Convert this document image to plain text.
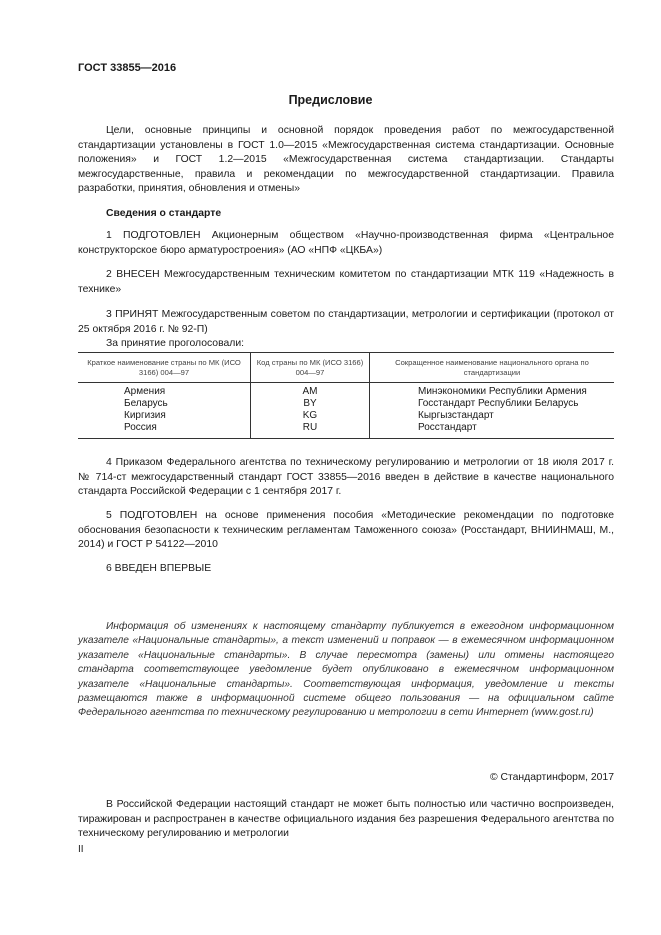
ГОСТ 33855—2016
Предисловие
Цели, основные принципы и основной порядок проведения работ по межгосударственной стандартизации установлены в ГОСТ 1.0—2015 «Межгосударственная система стандартизации. Основные положения» и ГОСТ 1.2—2015 «Межгосударственная система стандартизации. Стандарты межгосударственные, правила и рекомендации по межгосударственной стандартизации. Правила разработки, принятия, обновления и отмены»
Сведения о стандарте
1 ПОДГОТОВЛЕН Акционерным обществом «Научно-производственная фирма «Центральное конструкторское бюро арматуростроения» (АО «НПФ «ЦКБА»)
2 ВНЕСЕН Межгосударственным техническим комитетом по стандартизации МТК 119 «Надежность в технике»
3 ПРИНЯТ Межгосударственным советом по стандартизации, метрологии и сертификации (протокол от 25 октября 2016 г. № 92-П)
За принятие проголосовали:
Краткое наименование страны по МК (ИСО 3166) 004—97	Код страны по МК (ИСО 3166) 004—97	Сокращенное наименование национального органа по стандартизации
Армения	AM	Минэкономики Республики Армения
Беларусь	BY	Госстандарт Республики Беларусь
Киргизия	KG	Кыргызстандарт
Россия	RU	Росстандарт
4 Приказом Федерального агентства по техническому регулированию и метрологии от 18 июля 2017 г. № 714-ст межгосударственный стандарт ГОСТ 33855—2016 введен в действие в качестве национального стандарта Российской Федерации с 1 сентября 2017 г.
5 ПОДГОТОВЛЕН на основе применения пособия «Методические рекомендации по подготовке обоснования безопасности к техническим регламентам Таможенного союза» (Росстандарт, ВНИИНМАШ, М., 2014) и ГОСТ Р 54122—2010
6 ВВЕДЕН ВПЕРВЫЕ
Информация об изменениях к настоящему стандарту публикуется в ежегодном информационном указателе «Национальные стандарты», а текст изменений и поправок — в ежемесячном информационном указателе «Национальные стандарты». В случае пересмотра (замены) или отмены настоящего стандарта соответствующее уведомление будет опубликовано в ежемесячном информационном указателе «Национальные стандарты». Соответствующая информация, уведомление и тексты размещаются также в информационной системе общего пользования — на официальном сайте Федерального агентства по техническому регулированию и метрологии в сети Интернет (www.gost.ru)
© Стандартинформ, 2017
В Российской Федерации настоящий стандарт не может быть полностью или частично воспроизведен, тиражирован и распространен в качестве официального издания без разрешения Федерального агентства по техническому регулированию и метрологии
II
